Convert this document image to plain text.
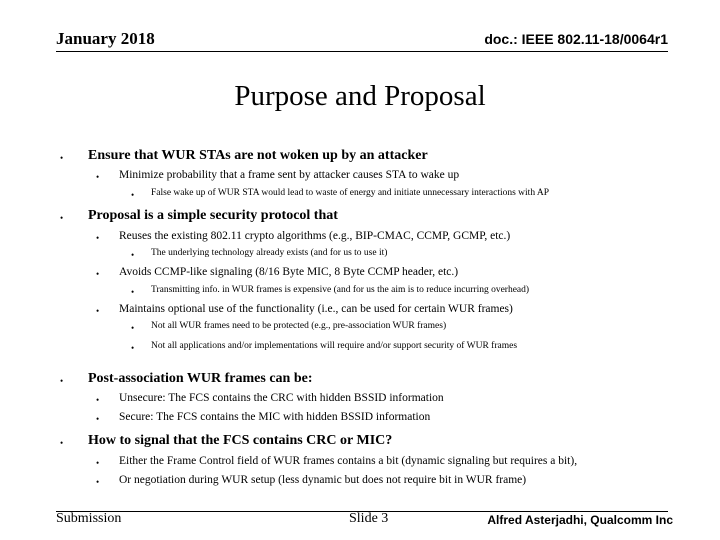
January 2018	doc.: IEEE 802.11-18/0064r1
Purpose and Proposal
• Ensure that WUR STAs are not woken up by an attacker
• Minimize probability that a frame sent by attacker causes STA to wake up
• False wake up of WUR STA would lead to waste of energy and initiate unnecessary interactions with AP
• Proposal is a simple security protocol that
• Reuses the existing 802.11 crypto algorithms (e.g., BIP-CMAC, CCMP, GCMP, etc.)
• The underlying technology already exists (and for us to use it)
• Avoids CCMP-like signaling (8/16 Byte MIC, 8 Byte CCMP header, etc.)
• Transmitting info. in WUR frames is expensive (and for us the aim is to reduce incurring overhead)
• Maintains optional use of the functionality (i.e., can be used for certain WUR frames)
• Not all WUR frames need to be protected (e.g., pre-association WUR frames)
• Not all applications and/or implementations will require and/or support security of WUR frames
• Post-association WUR frames can be:
• Unsecure: The FCS contains the CRC with hidden BSSID information
• Secure: The FCS contains the MIC with hidden BSSID information
• How to signal that the FCS contains CRC or MIC?
• Either the Frame Control field of WUR frames contains a bit (dynamic signaling but requires a bit),
• Or negotiation during WUR setup (less dynamic but does not require bit in WUR frame)
Submission	Slide 3	Alfred Asterjadhi, Qualcomm Inc
